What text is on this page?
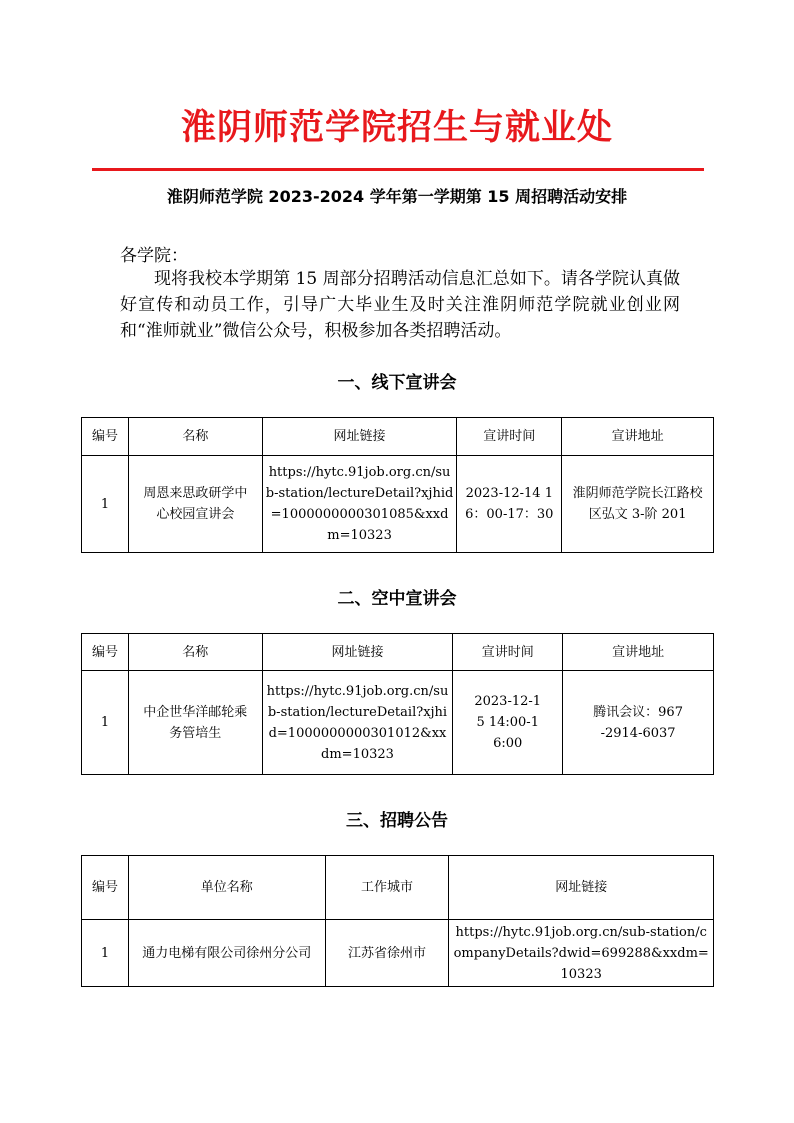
淮阴师范学院招生与就业处
淮阴师范学院 2023-2024 学年第一学期第 15 周招聘活动安排
各学院：
现将我校本学期第 15 周部分招聘活动信息汇总如下。请各学院认真做好宣传和动员工作，引导广大毕业生及时关注淮阴师范学院就业创业网和“淮师就业”微信公众号，积极参加各类招聘活动。
一、线下宣讲会
编号	名称	网址链接	宣讲时间	宣讲地址
1	周恩来思政研学中心校园宣讲会	https://hytc.91job.org.cn/sub-station/lectureDetail?xjhid=1000000000301085&xxdm=10323	2023-12-14 16：00-17：30	淮阴师范学院长江路校区弘文 3-阶 201
二、空中宣讲会
编号	名称	网址链接	宣讲时间	宣讲地址
1	中企世华洋邮轮乘务管培生	https://hytc.91job.org.cn/sub-station/lectureDetail?xjhid=1000000000301012&xxdm=10323	2023-12-15 14:00-16:00	腾讯会议：967-2914-6037
三、招聘公告
编号	单位名称	工作城市	网址链接
1	通力电梯有限公司徐州分公司	江苏省徐州市	https://hytc.91job.org.cn/sub-station/companyDetails?dwid=699288&xxdm=10323
